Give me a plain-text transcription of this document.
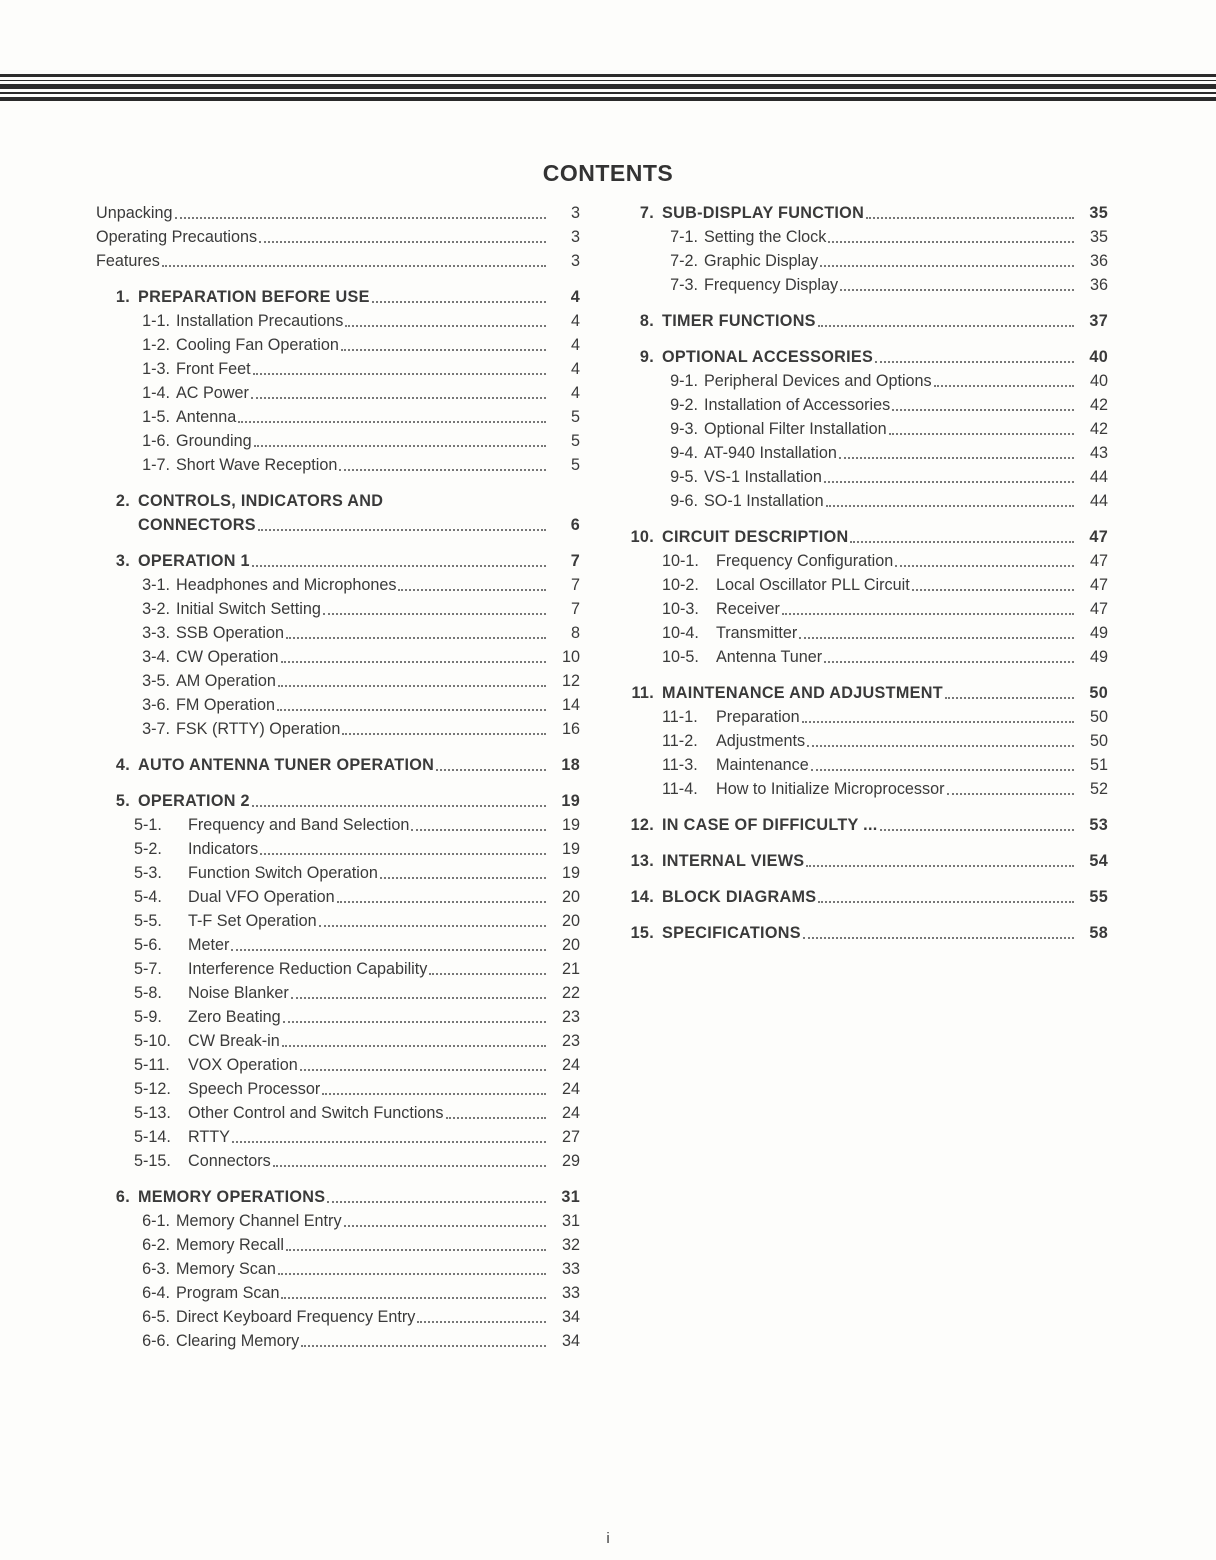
CONTENTS
Unpacking	3
Operating Precautions	3
Features	3
1. PREPARATION BEFORE USE	4
1-1. Installation Precautions	4
1-2. Cooling Fan Operation	4
1-3. Front Feet	4
1-4. AC Power	4
1-5. Antenna	5
1-6. Grounding	5
1-7. Short Wave Reception	5
2. CONTROLS, INDICATORS AND
CONNECTORS	6
3. OPERATION 1	7
3-1. Headphones and Microphones	7
3-2. Initial Switch Setting	7
3-3. SSB Operation	8
3-4. CW Operation	10
3-5. AM Operation	12
3-6. FM Operation	14
3-7. FSK (RTTY) Operation	16
4. AUTO ANTENNA TUNER OPERATION	18
5. OPERATION 2	19
5-1.	Frequency and Band Selection	19
5-2.	Indicators	19
5-3.	Function Switch Operation	19
5-4.	Dual VFO Operation	20
5-5.	T-F Set Operation	20
5-6.	Meter	20
5-7.	Interference Reduction Capability	21
5-8.	Noise Blanker	22
5-9.	Zero Beating	23
5-10.	CW Break-in	23
5-11.	VOX Operation	24
5-12.	Speech Processor	24
5-13.	Other Control and Switch Functions	24
5-14.	RTTY	27
5-15.	Connectors	29
6. MEMORY OPERATIONS	31
6-1. Memory Channel Entry	31
6-2. Memory Recall	32
6-3. Memory Scan	33
6-4. Program Scan	33
6-5. Direct Keyboard Frequency Entry	34
6-6. Clearing Memory	34
7. SUB-DISPLAY FUNCTION	35
7-1. Setting the Clock	35
7-2. Graphic Display	36
7-3. Frequency Display	36
8. TIMER FUNCTIONS	37
9. OPTIONAL ACCESSORIES	40
9-1. Peripheral Devices and Options	40
9-2. Installation of Accessories	42
9-3. Optional Filter Installation	42
9-4. AT-940 Installation	43
9-5. VS-1 Installation	44
9-6. SO-1 Installation	44
10. CIRCUIT DESCRIPTION	47
10-1.	Frequency Configuration	47
10-2.	Local Oscillator PLL Circuit	47
10-3.	Receiver	47
10-4.	Transmitter	49
10-5.	Antenna Tuner	49
11. MAINTENANCE AND ADJUSTMENT	50
11-1.	Preparation	50
11-2.	Adjustments	50
11-3.	Maintenance	51
11-4.	How to Initialize Microprocessor	52
12. IN CASE OF DIFFICULTY ...	53
13. INTERNAL VIEWS	54
14. BLOCK DIAGRAMS	55
15. SPECIFICATIONS	58
i
